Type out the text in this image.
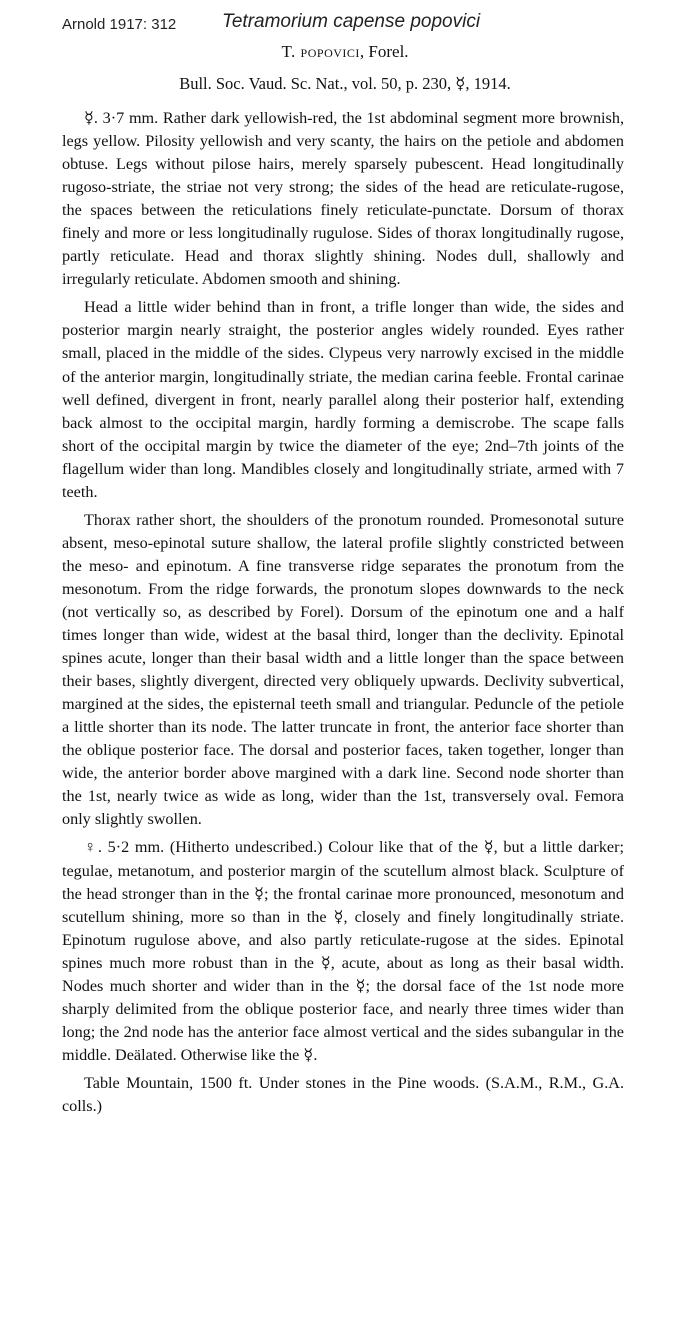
Arnold 1917: 312 Tetramorium capense popovici
T. popovici, Forel.
Bull. Soc. Vaud. Sc. Nat., vol. 50, p. 230, ☿, 1914.

☿. 3·7 mm. Rather dark yellowish-red, the 1st abdominal segment more brownish, legs yellow. Pilosity yellowish and very scanty, the hairs on the petiole and abdomen obtuse. Legs without pilose hairs, merely sparsely pubescent. Head longitudinally rugoso-striate, the striae not very strong; the sides of the head are reticulate-rugose, the spaces between the reticulations finely reticulate-punctate. Dorsum of thorax finely and more or less longitudinally rugulose. Sides of thorax longitudinally rugose, partly reticulate. Head and thorax slightly shining. Nodes dull, shallowly and irregularly reticulate. Abdomen smooth and shining.

Head a little wider behind than in front, a trifle longer than wide, the sides and posterior margin nearly straight, the posterior angles widely rounded. Eyes rather small, placed in the middle of the sides. Clypeus very narrowly excised in the middle of the anterior margin, longitudinally striate, the median carina feeble. Frontal carinae well defined, divergent in front, nearly parallel along their posterior half, extending back almost to the occipital margin, hardly forming a demiscrobe. The scape falls short of the occipital margin by twice the diameter of the eye; 2nd–7th joints of the flagellum wider than long. Mandibles closely and longitudinally striate, armed with 7 teeth.

Thorax rather short, the shoulders of the pronotum rounded. Promesonotal suture absent, meso-epinotal suture shallow, the lateral profile slightly constricted between the meso- and epinotum. A fine transverse ridge separates the pronotum from the mesonotum. From the ridge forwards, the pronotum slopes downwards to the neck (not vertically so, as described by Forel). Dorsum of the epinotum one and a half times longer than wide, widest at the basal third, longer than the declivity. Epinotal spines acute, longer than their basal width and a little longer than the space between their bases, slightly divergent, directed very obliquely upwards. Declivity subvertical, margined at the sides, the episternal teeth small and triangular. Peduncle of the petiole a little shorter than its node. The latter truncate in front, the anterior face shorter than the oblique posterior face. The dorsal and posterior faces, taken together, longer than wide, the anterior border above margined with a dark line. Second node shorter than the 1st, nearly twice as wide as long, wider than the 1st, transversely oval. Femora only slightly swollen.

♀. 5·2 mm. (Hitherto undescribed.) Colour like that of the ☿, but a little darker; tegulae, metanotum, and posterior margin of the scutellum almost black. Sculpture of the head stronger than in the ☿; the frontal carinae more pronounced, mesonotum and scutellum shining, more so than in the ☿, closely and finely longitudinally striate. Epinotum rugulose above, and also partly reticulate-rugose at the sides. Epinotal spines much more robust than in the ☿, acute, about as long as their basal width. Nodes much shorter and wider than in the ☿; the dorsal face of the 1st node more sharply delimited from the oblique posterior face, and nearly three times wider than long; the 2nd node has the anterior face almost vertical and the sides subangular in the middle. Deälated. Otherwise like the ☿.

Table Mountain, 1500 ft. Under stones in the Pine woods. (S.A.M., R.M., G.A. colls.)
